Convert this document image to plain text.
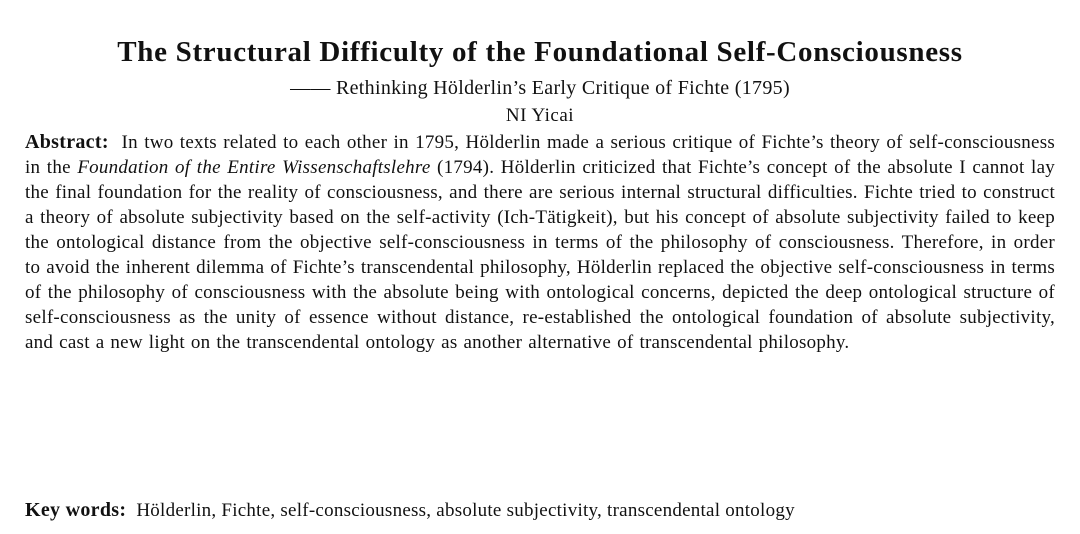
The Structural Difficulty of the Foundational Self-Consciousness

—— Rethinking Hölderlin’s Early Critique of Fichte (1795)

NI Yicai

Abstract: In two texts related to each other in 1795, Hölderlin made a serious critique of Fichte’s theory of self-consciousness in the Foundation of the Entire Wissenschaftslehre (1794). Hölderlin criticized that Fichte’s concept of the absolute I cannot lay the final foundation for the reality of consciousness, and there are serious internal structural difficulties. Fichte tried to construct a theory of absolute subjectivity based on the self-activity (Ich-Tätigkeit), but his concept of absolute subjectivity failed to keep the ontological distance from the objective self-consciousness in terms of the philosophy of consciousness. Therefore, in order to avoid the inherent dilemma of Fichte’s transcendental philosophy, Hölderlin replaced the objective self-consciousness in terms of the philosophy of consciousness with the absolute being with ontological concerns, depicted the deep ontological structure of self-consciousness as the unity of essence without distance, re-established the ontological foundation of absolute subjectivity, and cast a new light on the transcendental ontology as another alternative of transcendental philosophy.

Key words: Hölderlin, Fichte, self-consciousness, absolute subjectivity, transcendental ontology
